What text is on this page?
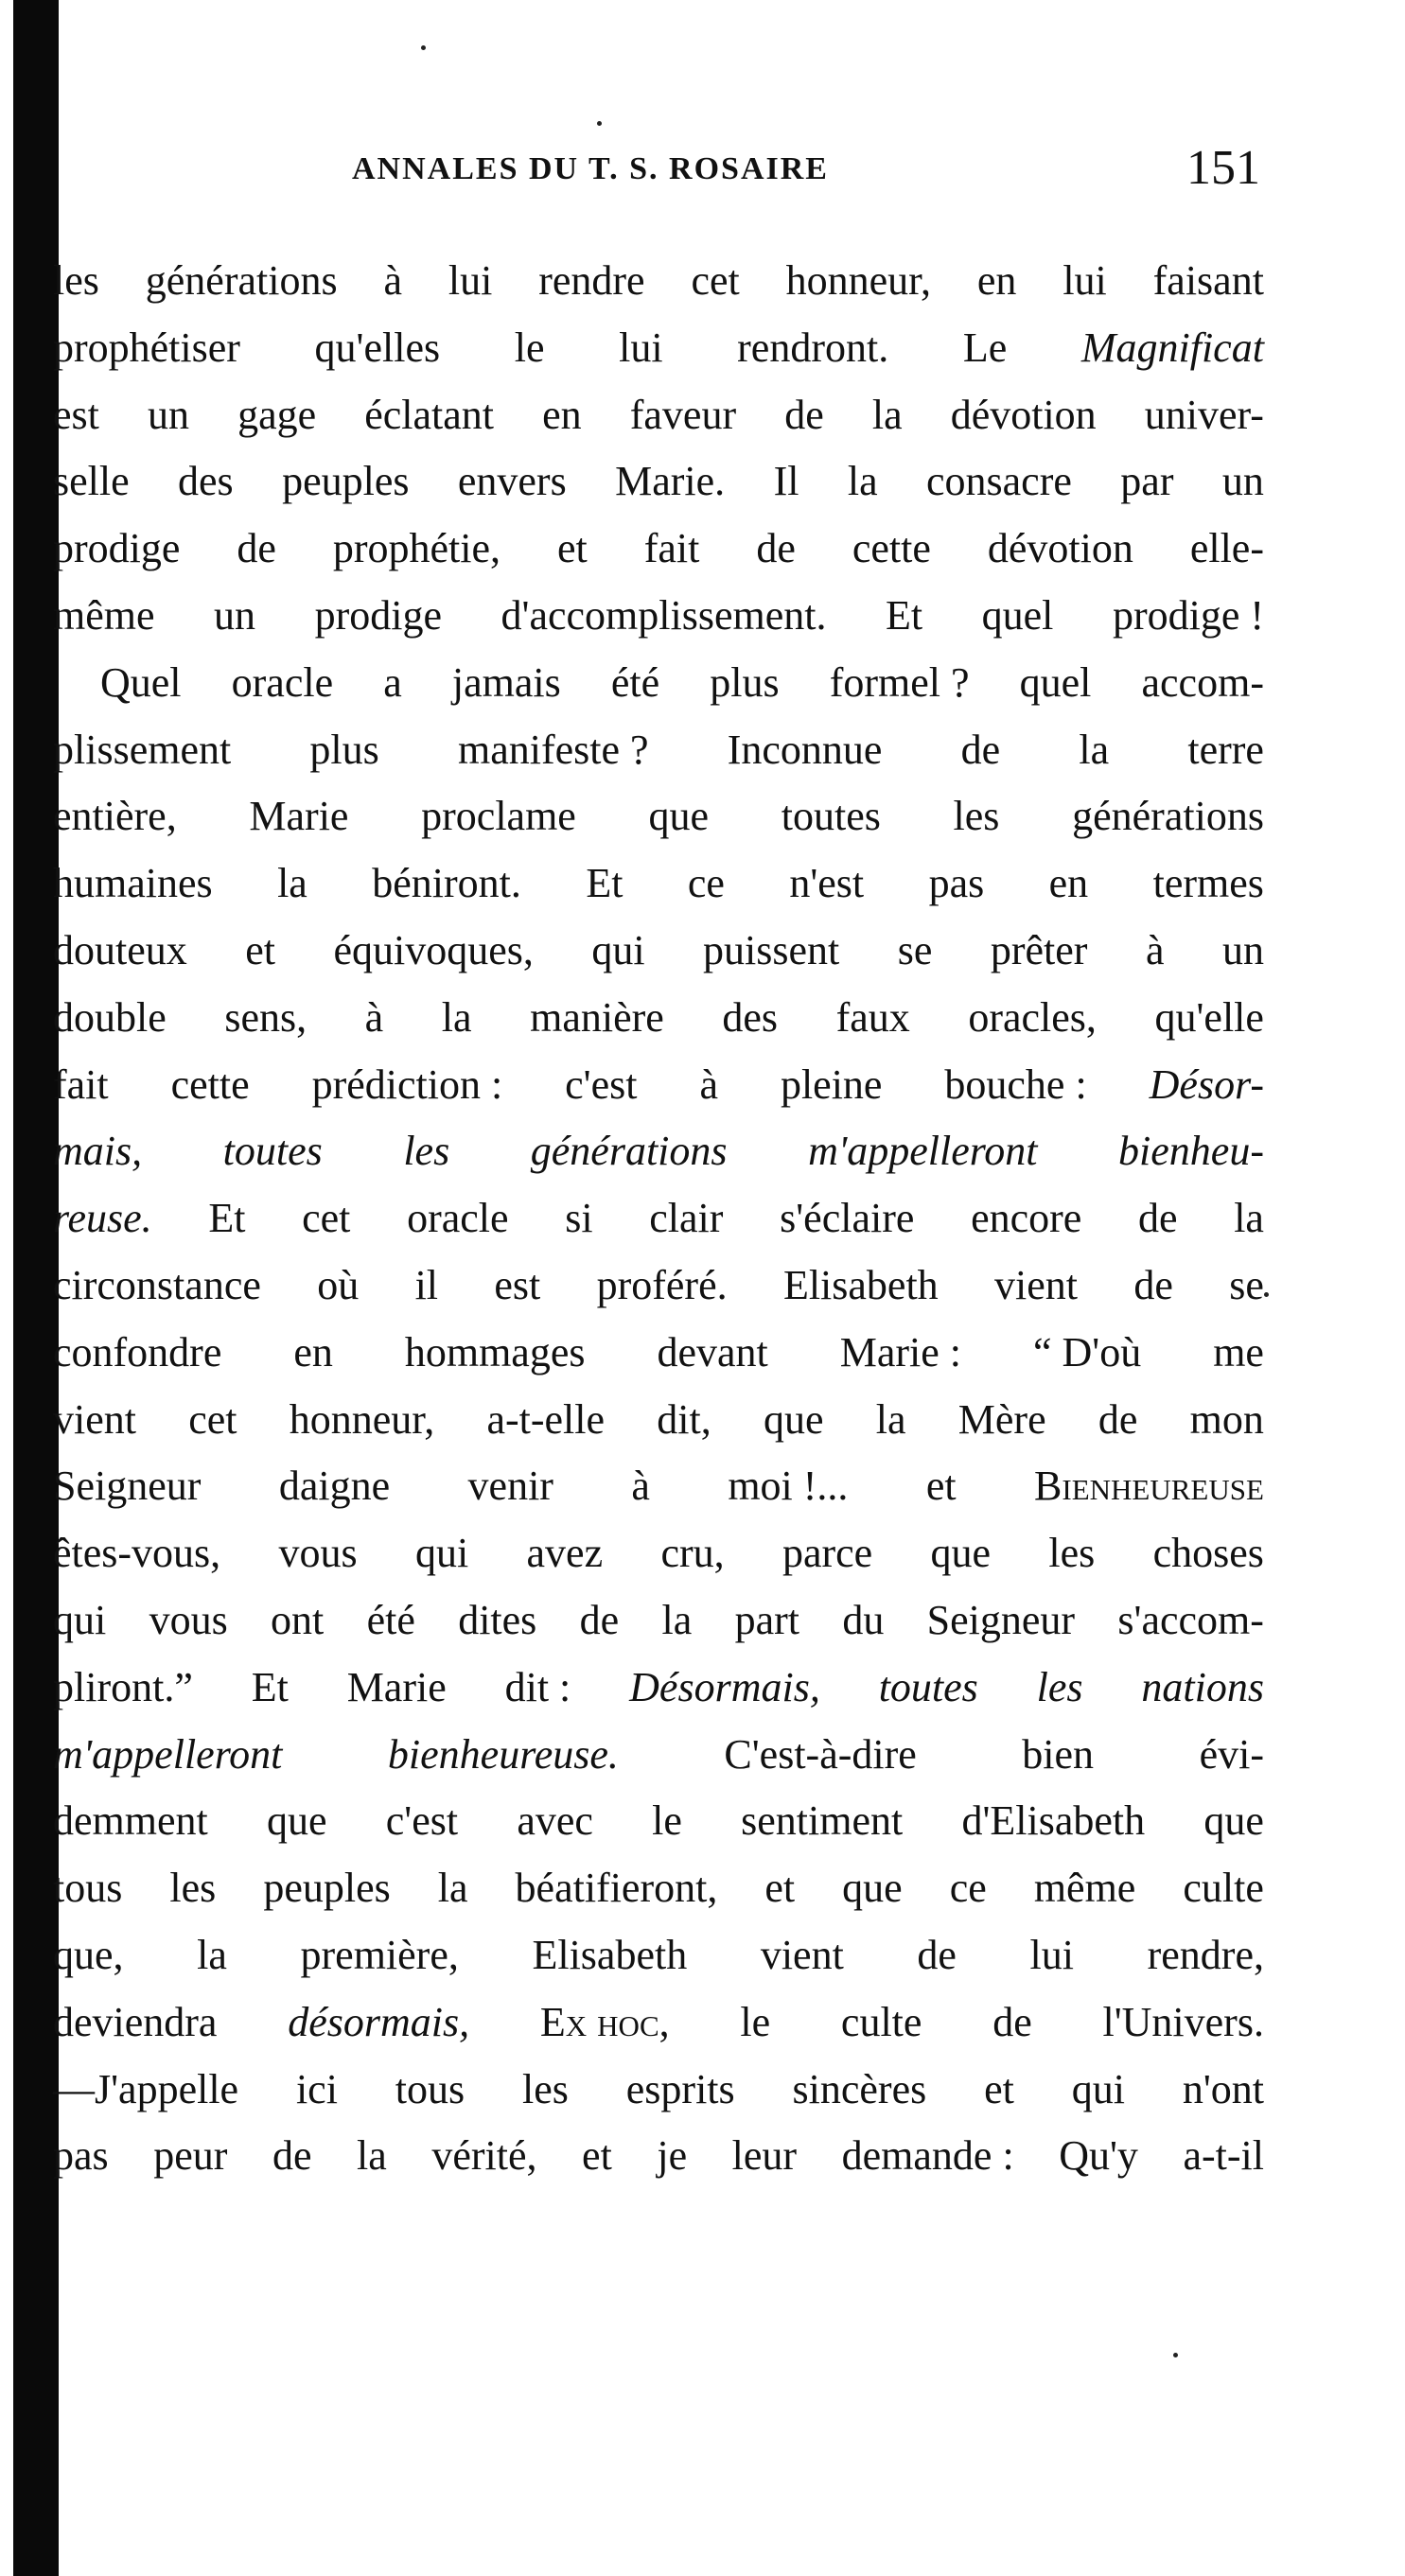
ANNALES DU T. S. ROSAIRE	151
les générations à lui rendre cet honneur, en lui faisant
prophétiser qu'elles le lui rendront. Le Magnificat
est un gage éclatant en faveur de la dévotion univer-
selle des peuples envers Marie. Il la consacre par un
prodige de prophétie, et fait de cette dévotion elle-
même un prodige d'accomplissement. Et quel prodige !
Quel oracle a jamais été plus formel ? quel accom-
plissement plus manifeste ? Inconnue de la terre
entière, Marie proclame que toutes les générations
humaines la béniront. Et ce n'est pas en termes
douteux et équivoques, qui puissent se prêter à un
double sens, à la manière des faux oracles, qu'elle
fait cette prédiction : c'est à pleine bouche : Désor-
mais, toutes les générations m'appelleront bienheu-
reuse. Et cet oracle si clair s'éclaire encore de la
circonstance où il est proféré. Elisabeth vient de se
confondre en hommages devant Marie : “ D'où me
vient cet honneur, a-t-elle dit, que la Mère de mon
Seigneur daigne venir à moi !... et Bienheureuse
êtes-vous, vous qui avez cru, parce que les choses
qui vous ont été dites de la part du Seigneur s'accom-
pliront.” Et Marie dit : Désormais, toutes les nations
m'appelleront	bienheureuse.	C'est-à-dire	bien	évi-
demment que c'est avec le sentiment d'Elisabeth que
tous les peuples la béatifieront, et que ce même culte
que, la première, Elisabeth vient de lui rendre,
deviendra désormais, Ex hoc, le culte de l'Univers.
—J'appelle ici tous les esprits sincères et qui n'ont
pas peur de la vérité, et je leur demande : Qu'y a-t-il
